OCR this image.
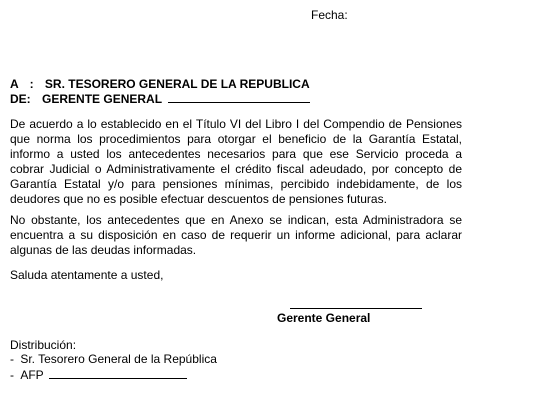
Fecha:
A : SR. TESORERO GENERAL DE LA REPUBLICA
DE: GERENTE GENERAL
De acuerdo a lo establecido en el Título VI del Libro I del Compendio de Pensiones
que norma los procedimientos para otorgar el beneficio de la Garantía Estatal,
informo a usted los antecedentes necesarios para que ese Servicio proceda a
cobrar Judicial o Administrativamente el crédito fiscal adeudado, por concepto de
Garantía Estatal y/o para pensiones mínimas, percibido indebidamente, de los
deudores que no es posible efectuar descuentos de pensiones futuras.
No obstante, los antecedentes que en Anexo se indican, esta Administradora se
encuentra a su disposición en caso de requerir un informe adicional, para aclarar
algunas de las deudas informadas.
Saluda atentamente a usted,
Gerente General
Distribución:
- Sr. Tesorero General de la República
- AFP
